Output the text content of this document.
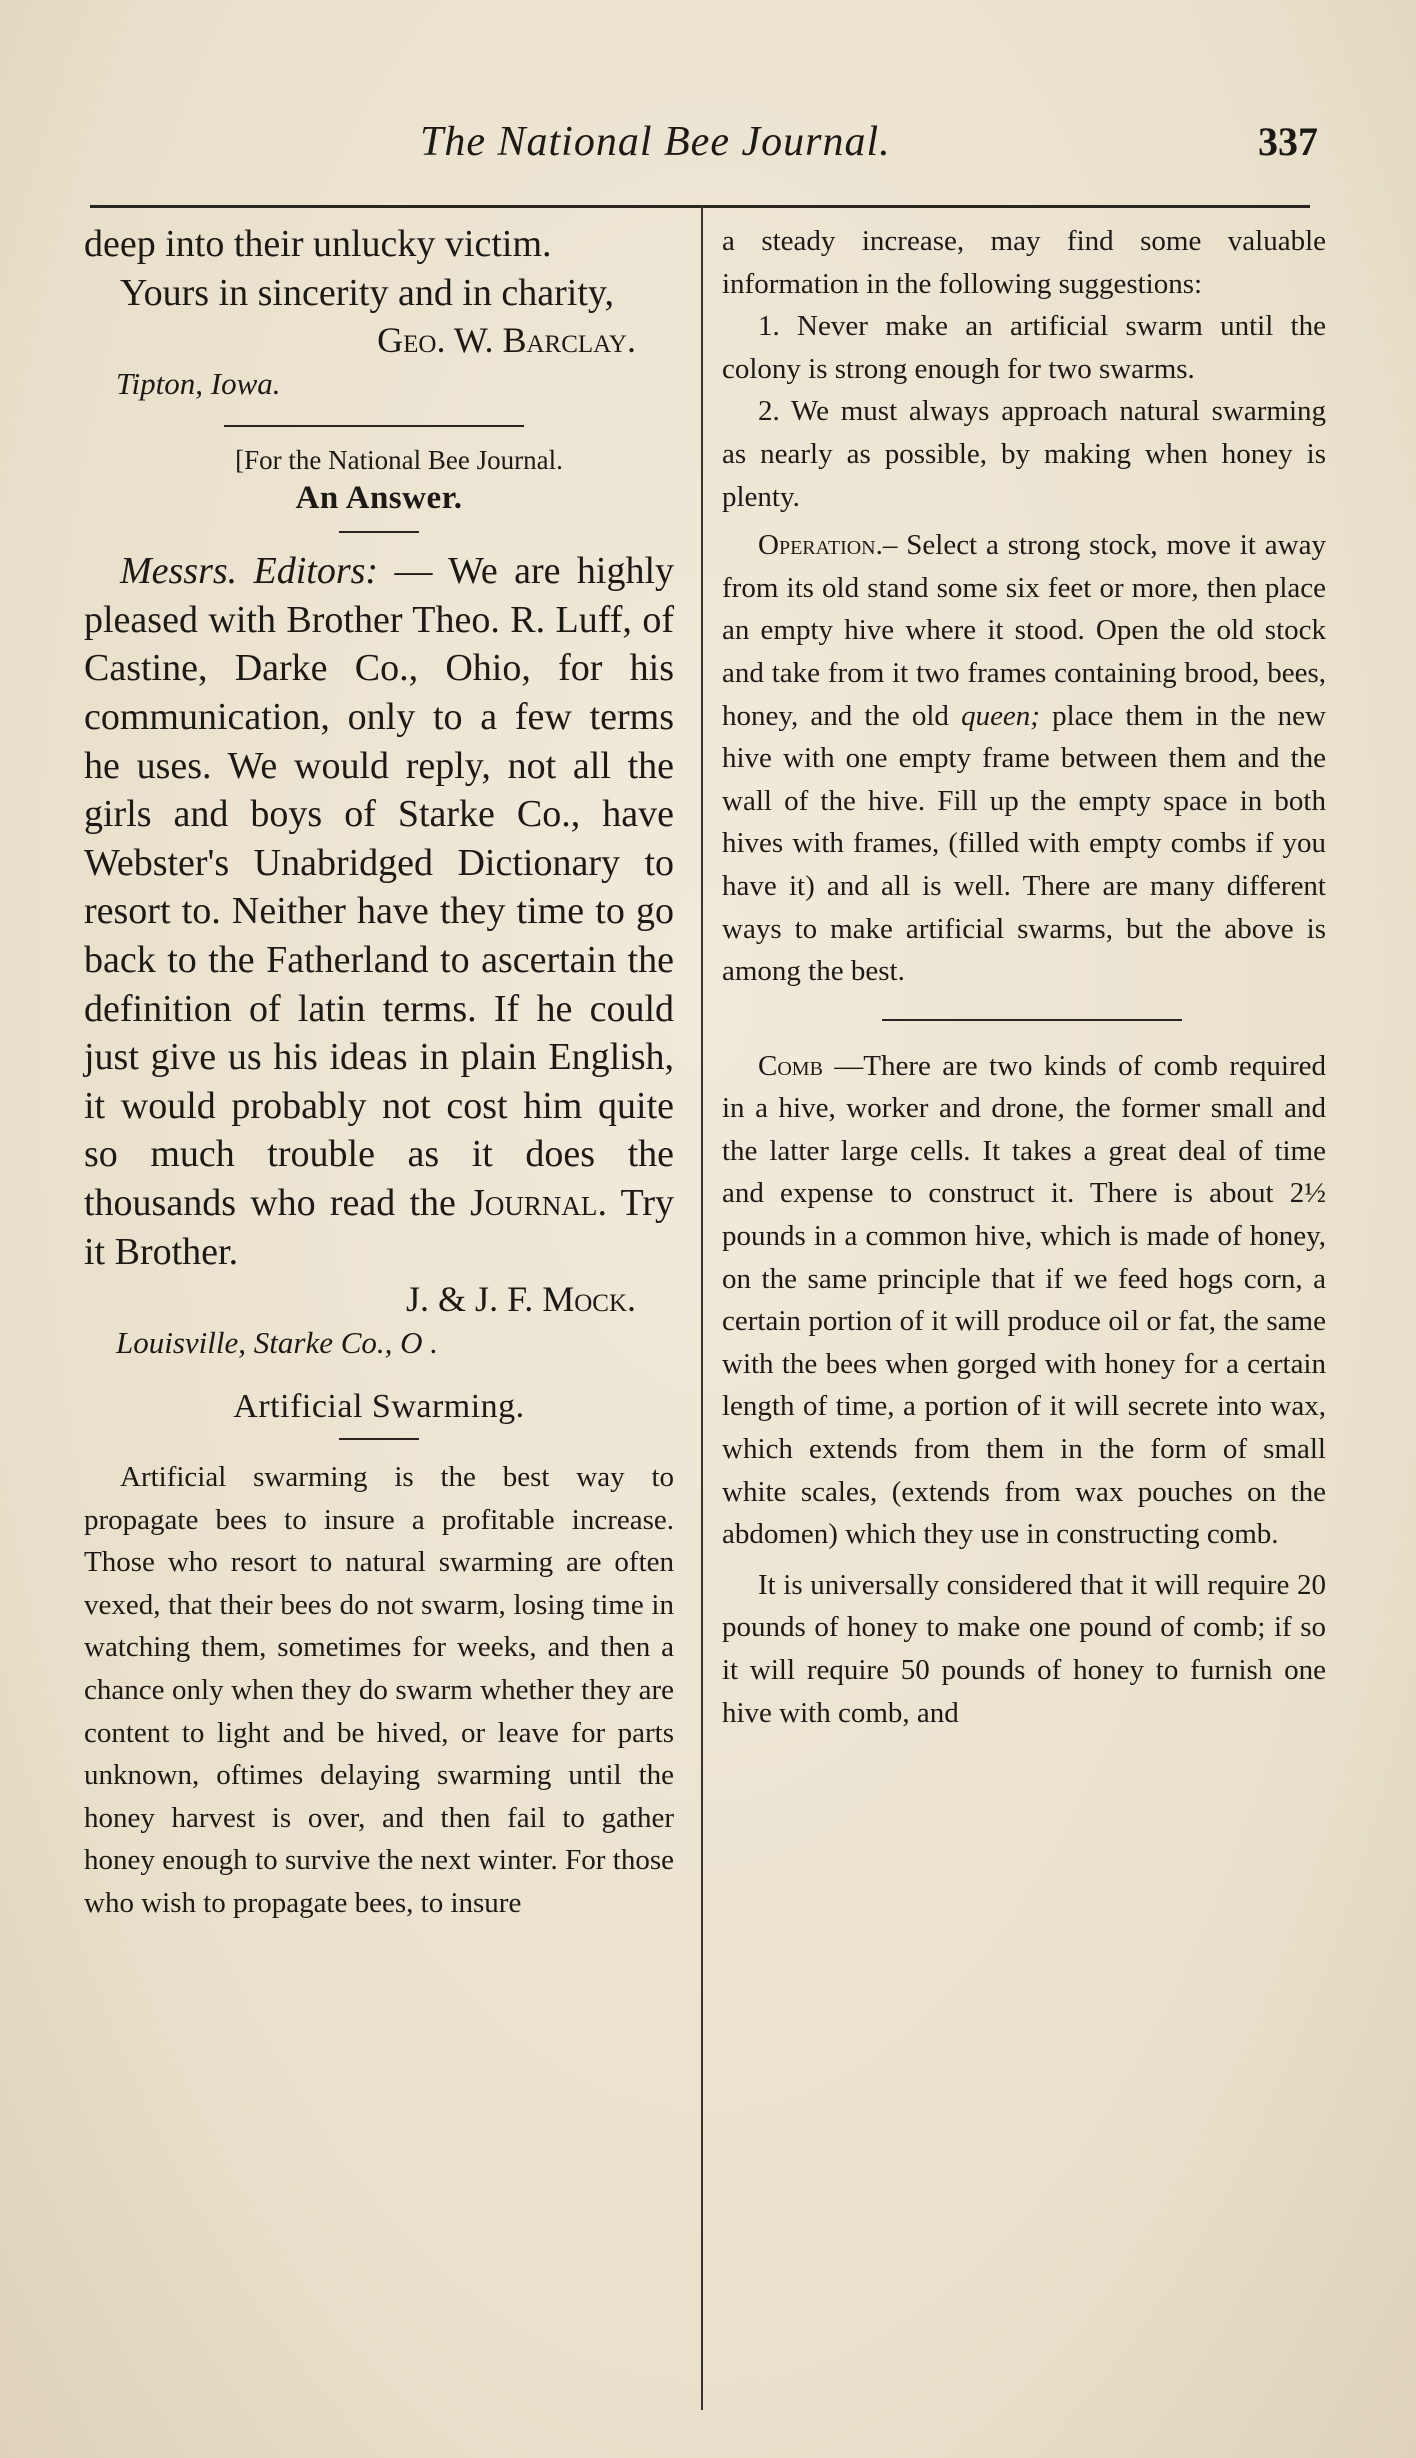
The National Bee Journal.	337

deep into their unlucky victim.

Yours in sincerity and in charity,

Geo. W. Barclay.

Tipton, Iowa.

[For the National Bee Journal.

An Answer.

Messrs. Editors: — We are highly pleased with Brother Theo. R. Luff, of Castine, Darke Co., Ohio, for his communication, only to a few terms he uses. We would reply, not all the girls and boys of Starke Co., have Webster's Unabridged Dictionary to resort to. Neither have they time to go back to the Fatherland to ascertain the definition of latin terms. If he could just give us his ideas in plain English, it would probably not cost him quite so much trouble as it does the thousands who read the Journal. Try it Brother.

J. & J. F. Mock.

Louisville, Starke Co., O .

Artificial Swarming.

Artificial swarming is the best way to propagate bees to insure a profitable increase. Those who resort to natural swarming are often vexed, that their bees do not swarm, losing time in watching them, sometimes for weeks, and then a chance only when they do swarm whether they are content to light and be hived, or leave for parts unknown, oftimes delaying swarming until the honey harvest is over, and then fail to gather honey enough to survive the next winter. For those who wish to propagate bees, to insure

a steady increase, may find some valuable information in the following suggestions:

1. Never make an artificial swarm until the colony is strong enough for two swarms.

2. We must always approach natural swarming as nearly as possible, by making when honey is plenty.

Operation.– Select a strong stock, move it away from its old stand some six feet or more, then place an empty hive where it stood. Open the old stock and take from it two frames containing brood, bees, honey, and the old queen; place them in the new hive with one empty frame between them and the wall of the hive. Fill up the empty space in both hives with frames, (filled with empty combs if you have it) and all is well. There are many different ways to make artificial swarms, but the above is among the best.

Comb —There are two kinds of comb required in a hive, worker and drone, the former small and the latter large cells. It takes a great deal of time and expense to construct it. There is about 2½ pounds in a common hive, which is made of honey, on the same principle that if we feed hogs corn, a certain portion of it will produce oil or fat, the same with the bees when gorged with honey for a certain length of time, a portion of it will secrete into wax, which extends from them in the form of small white scales, (extends from wax pouches on the abdomen) which they use in constructing comb.

It is universally considered that it will require 20 pounds of honey to make one pound of comb; if so it will require 50 pounds of honey to furnish one hive with comb, and
